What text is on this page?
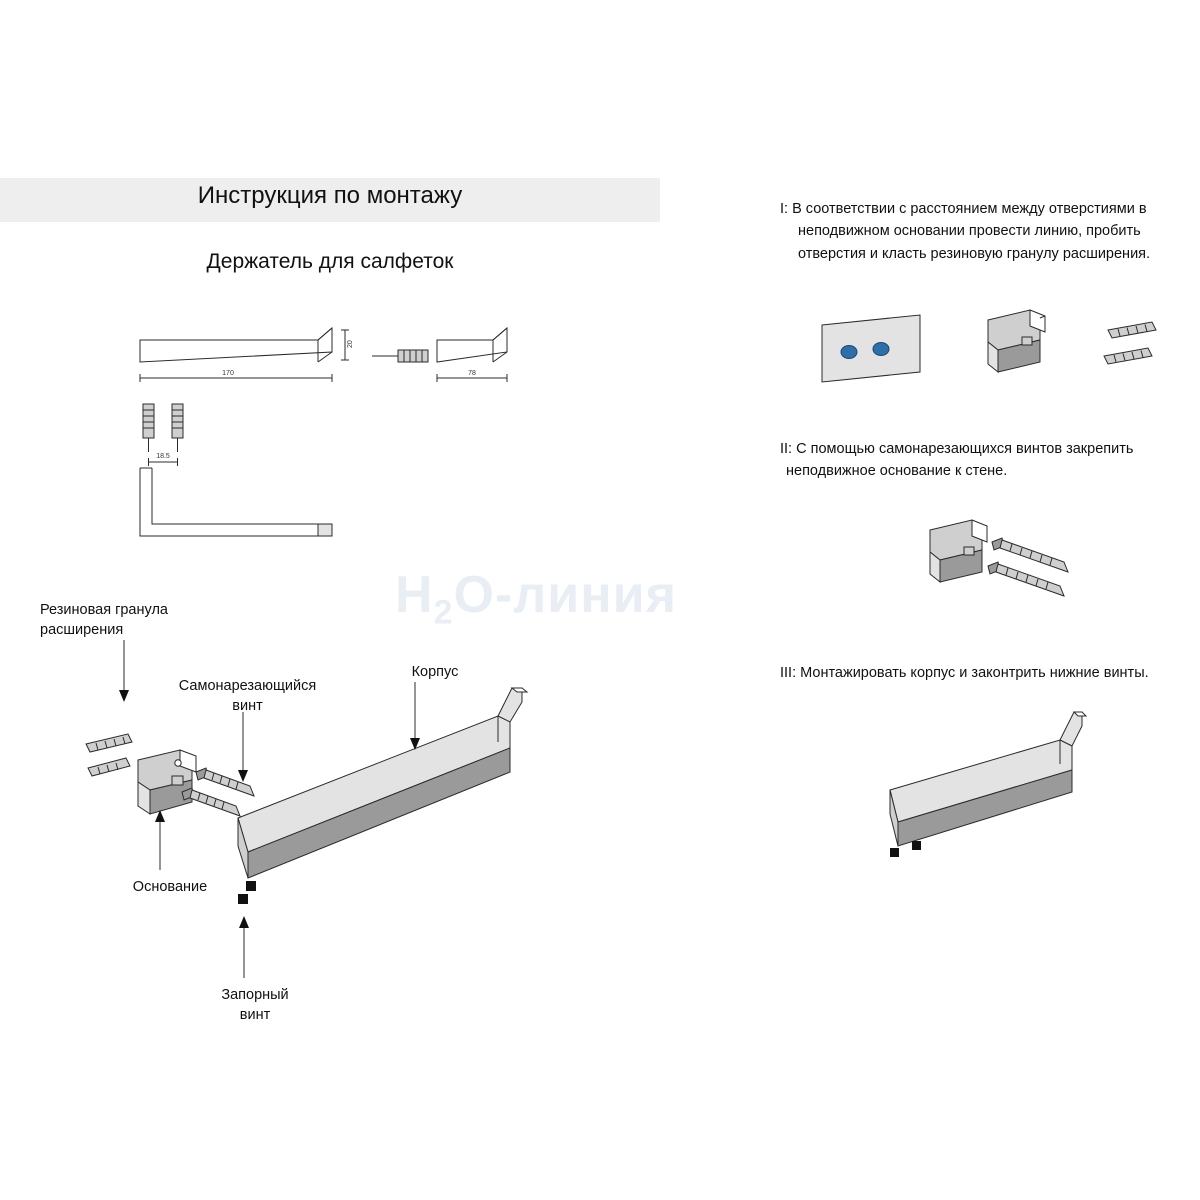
Инструкция по монтажу
Держатель для салфеток
$H_2O$-линия
I: В соответствии с расстоянием между отверстиями в
неподвижном основании провести линию, пробить
отверстия и класть резиновую гранулу расширения.
II: С помощью самонарезающихся винтов закрепить
неподвижное основание к стене.
III: Монтажировать корпус и законтрить нижние винты.
Резиновая гранула
расширения
Самонарезающийся
винт
Корпус
Основание
Запорный
винт
20
170	78
18.5
